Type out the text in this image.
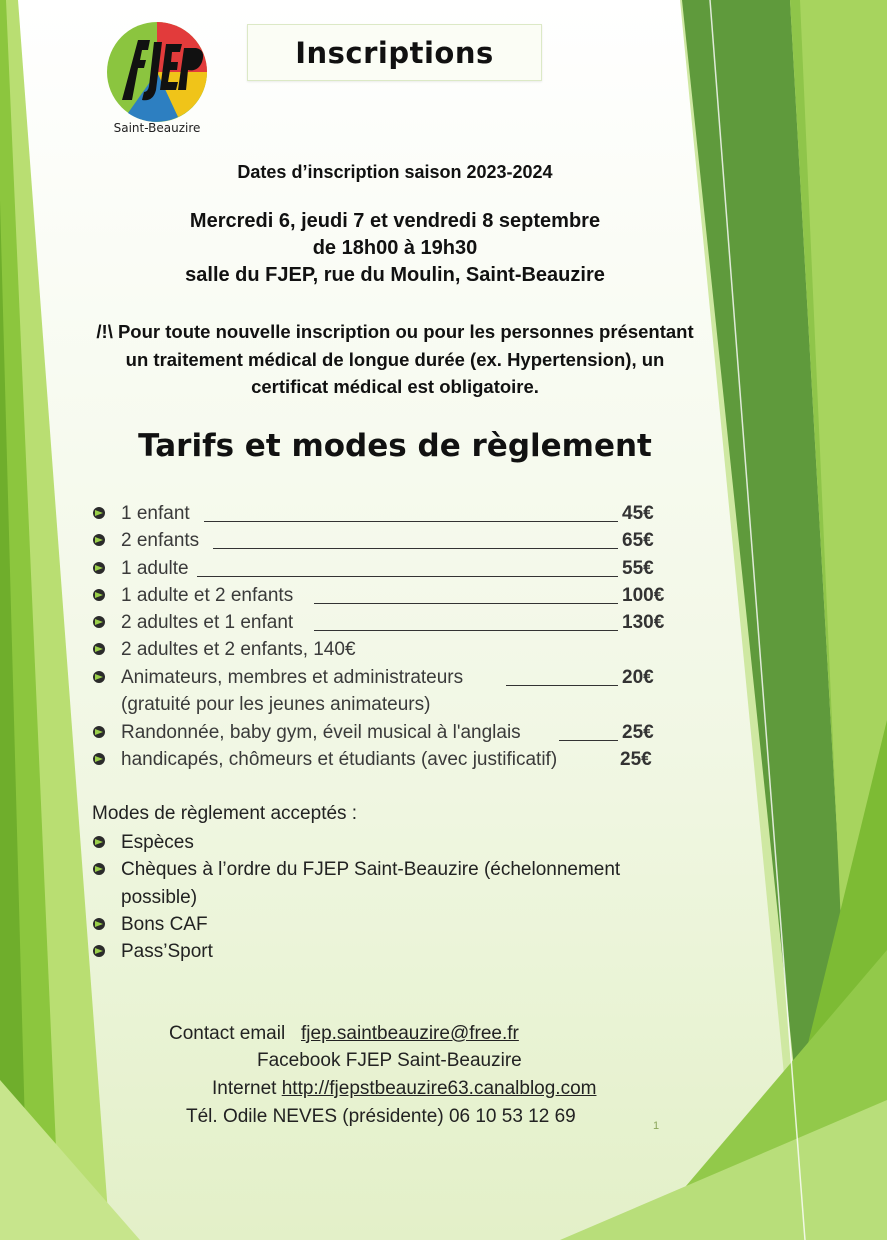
Saint-Beauzire
Inscriptions
Dates d’inscription saison 2023-2024
Mercredi 6, jeudi 7 et vendredi 8 septembre
de 18h00 à 19h30
salle du FJEP, rue du Moulin, Saint-Beauzire
/!\ Pour toute nouvelle inscription ou pour les personnes présentant
un traitement médical de longue durée (ex. Hypertension), un
certificat médical est obligatoire.
Tarifs et modes de règlement
1 enfant	45€
2 enfants	65€
1 adulte	55€
1 adulte et 2 enfants	100€
2 adultes et 1 enfant	130€
2 adultes et 2 enfants, 140€
Animateurs, membres et administrateurs	20€
(gratuité pour les jeunes animateurs)
Randonnée, baby gym, éveil musical à l'anglais	25€
handicapés, chômeurs et étudiants (avec justificatif)	25€
Modes de règlement acceptés :
Espèces
Chèques à l’ordre du FJEP Saint-Beauzire (échelonnement possible)
Bons CAF
Pass’Sport
Contact email fjep.saintbeauzire@free.fr
Facebook FJEP Saint-Beauzire
Internet http://fjepstbeauzire63.canalblog.com
Tél. Odile NEVES (présidente) 06 10 53 12 69	1
